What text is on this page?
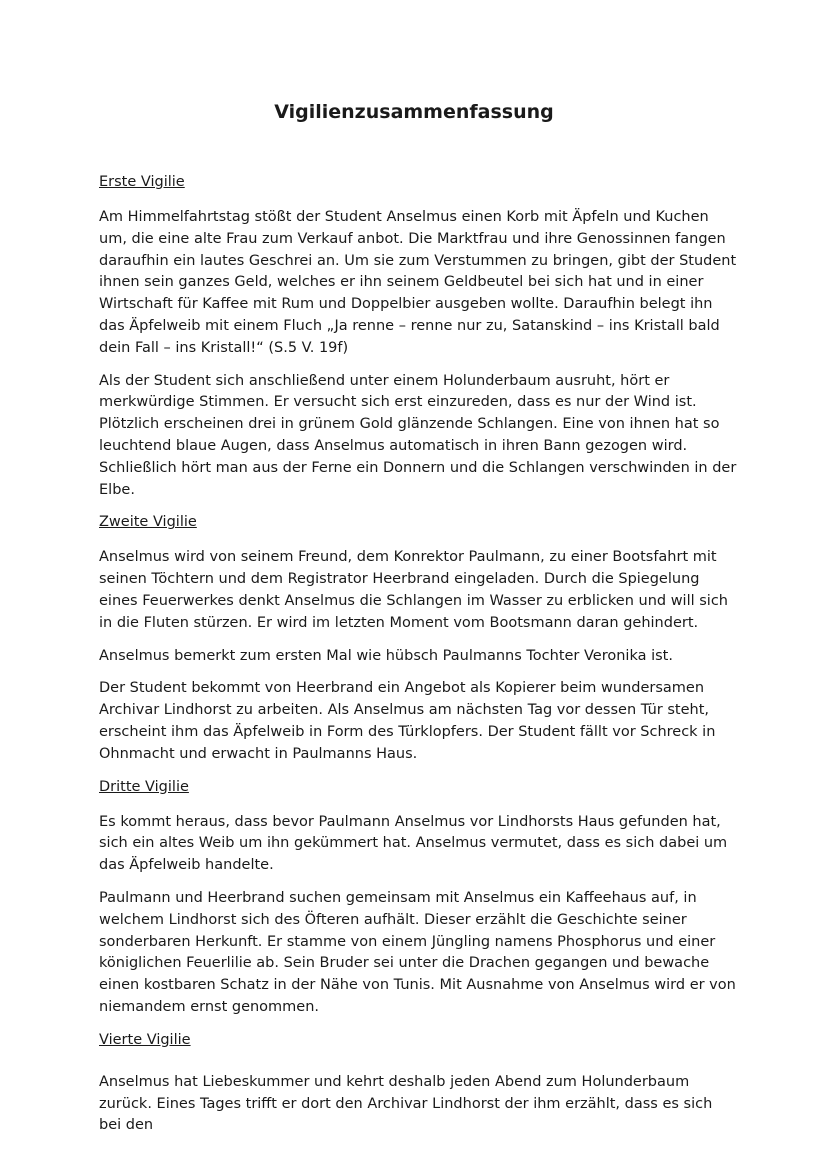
Vigilienzusammenfassung
Erste Vigilie

Am Himmelfahrtstag stößt der Student Anselmus einen Korb mit Äpfeln und Kuchen um, die eine alte Frau zum Verkauf anbot. Die Marktfrau und ihre Genossinnen fangen daraufhin ein lautes Geschrei an. Um sie zum Verstummen zu bringen, gibt der Student ihnen sein ganzes Geld, welches er ihn seinem Geldbeutel bei sich hat und in einer Wirtschaft für Kaffee mit Rum und Doppelbier ausgeben wollte. Daraufhin belegt ihn das Äpfelweib mit einem Fluch „Ja renne – renne nur zu, Satanskind – ins Kristall bald dein Fall – ins Kristall!“ (S.5 V. 19f)

Als der Student sich anschließend unter einem Holunderbaum ausruht, hört er merkwürdige Stimmen. Er versucht sich erst einzureden, dass es nur der Wind ist. Plötzlich erscheinen drei in grünem Gold glänzende Schlangen. Eine von ihnen hat so leuchtend blaue Augen, dass Anselmus automatisch in ihren Bann gezogen wird. Schließlich hört man aus der Ferne ein Donnern und die Schlangen verschwinden in der Elbe.

Zweite Vigilie

Anselmus wird von seinem Freund, dem Konrektor Paulmann, zu einer Bootsfahrt mit seinen Töchtern und dem Registrator Heerbrand eingeladen. Durch die Spiegelung eines Feuerwerkes denkt Anselmus die Schlangen im Wasser zu erblicken und will sich in die Fluten stürzen. Er wird im letzten Moment vom Bootsmann daran gehindert.

Anselmus bemerkt zum ersten Mal wie hübsch Paulmanns Tochter Veronika ist.

Der Student bekommt von Heerbrand ein Angebot als Kopierer beim wundersamen Archivar Lindhorst zu arbeiten. Als Anselmus am nächsten Tag vor dessen Tür steht, erscheint ihm das Äpfelweib in Form des Türklopfers. Der Student fällt vor Schreck in Ohnmacht und erwacht in Paulmanns Haus.

Dritte Vigilie

Es kommt heraus, dass bevor Paulmann Anselmus vor Lindhorsts Haus gefunden hat, sich ein altes Weib um ihn gekümmert hat. Anselmus vermutet, dass es sich dabei um das Äpfelweib handelte.

Paulmann und Heerbrand suchen gemeinsam mit Anselmus ein Kaffeehaus auf, in welchem Lindhorst sich des Öfteren aufhält. Dieser erzählt die Geschichte seiner sonderbaren Herkunft. Er stamme von einem Jüngling namens Phosphorus und einer königlichen Feuerlilie ab. Sein Bruder sei unter die Drachen gegangen und bewache einen kostbaren Schatz in der Nähe von Tunis. Mit Ausnahme von Anselmus wird er von niemandem ernst genommen.

Vierte Vigilie

Anselmus hat Liebeskummer und kehrt deshalb jeden Abend zum Holunderbaum zurück. Eines Tages trifft er dort den Archivar Lindhorst der ihm erzählt, dass es sich bei den
